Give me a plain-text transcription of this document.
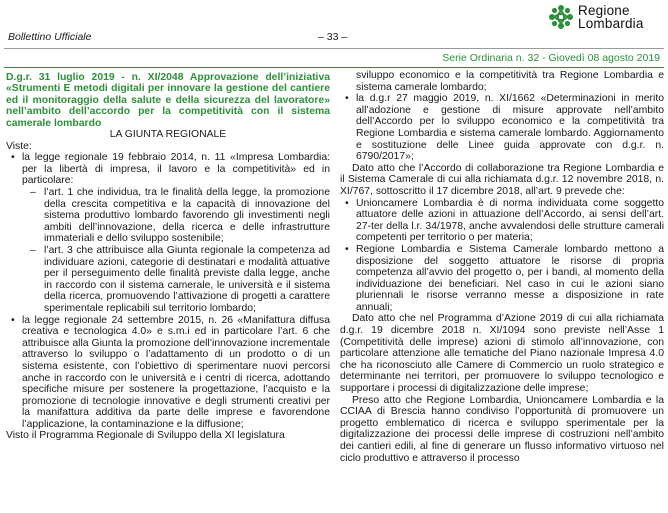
Bollettino Ufficiale	– 33 –
Regione
Lombardia
Serie Ordinaria n. 32 - Giovedì 08 agosto 2019

D.g.r. 31 luglio 2019 - n. XI/2048 Approvazione dell’iniziativa «Strumenti E metodi digitali per innovare la gestione del cantiere ed il monitoraggio della salute e della sicurezza del lavoratore» nell’ambito dell’accordo per la competitività con il sistema camerale lombardo

LA GIUNTA REGIONALE

Viste:

• la legge regionale 19 febbraio 2014, n. 11 «Impresa Lombardia: per la libertà di impresa, il lavoro e la competitività» ed in particolare:

– l’art. 1 che individua, tra le finalità della legge, la promozione della crescita competitiva e la capacità di innovazione del sistema produttivo lombardo favorendo gli investimenti negli ambiti dell’innovazione, della ricerca e delle infrastrutture immateriali e dello sviluppo sostenibile;

– l’art. 3 che attribuisce alla Giunta regionale la competenza ad individuare azioni, categorie di destinatari e modalità attuative per il perseguimento delle finalità previste dalla legge, anche in raccordo con il sistema camerale, le università e il sistema della ricerca, promuovendo l’attivazione di progetti a carattere sperimentale replicabili sul territorio lombardo;

• la legge regionale 24 settembre 2015, n. 26 «Manifattura diffusa creativa e tecnologica 4.0» e s.m.i ed in particolare l’art. 6 che attribuisce alla Giunta la promozione dell’innovazione incrementale attraverso lo sviluppo o l’adattamento di un prodotto o di un sistema esistente, con l’obiettivo di sperimentare nuovi percorsi anche in raccordo con le università e i centri di ricerca, adottando specifiche misure per sostenere la progettazione, l’acquisto e la promozione di tecnologie innovative e degli strumenti creativi per la manifattura additiva da parte delle imprese e favorendone l’applicazione, la contaminazione e la diffusione;

Visto il Programma Regionale di Sviluppo della XI legislatura

sviluppo economico e la competitività tra Regione Lombardia e sistema camerale lombardo;

• la d.g.r 27 maggio 2019, n. XI/1662 «Determinazioni in merito all’adozione e gestione di misure approvate nell’ambito dell’Accordo per lo sviluppo economico e la competitività tra Regione Lombardia e sistema camerale lombardo. Aggiornamento e sostituzione delle Linee guida approvate con d.g.r. n. 6790/2017»;

Dato atto che l’Accordo di collaborazione tra Regione Lombardia e il Sistema Camerale di cui alla richiamata d.g.r. 12 novembre 2018, n. XI/767, sottoscritto il 17 dicembre 2018, all’art. 9 prevede che:

• Unioncamere Lombardia è di norma individuata come soggetto attuatore delle azioni in attuazione dell’Accordo, ai sensi dell’art. 27-ter della l.r. 34/1978, anche avvalendosi delle strutture camerali competenti per territorio o per materia;

• Regione Lombardia e Sistema Camerale lombardo mettono a disposizione del soggetto attuatore le risorse di propria competenza all’avvio del progetto o, per i bandi, al momento della individuazione dei beneficiari. Nel caso in cui le azioni siano pluriennali le risorse verranno messe a disposizione in rate annuali;

Dato atto che nel Programma d’Azione 2019 di cui alla richiamata d.g.r. 19 dicembre 2018 n. XI/1094 sono previste nell’Asse 1 (Competitività delle imprese) azioni di stimolo all’innovazione, con particolare attenzione alle tematiche del Piano nazionale Impresa 4.0 che ha riconosciuto alle Camere di Commercio un ruolo strategico e determinante nei territori, per promuovere lo sviluppo tecnologico e supportare i processi di digitalizzazione delle imprese;

Preso atto che Regione Lombardia, Unioncamere Lombardia e la CCIAA di Brescia hanno condiviso l’opportunità di promuovere un progetto emblematico di ricerca e sviluppo sperimentale per la digitalizzazione dei processi delle imprese di costruzioni nell’ambito dei cantieri edili, al fine di generare un flusso informativo virtuoso nel ciclo produttivo e attraverso il processo
